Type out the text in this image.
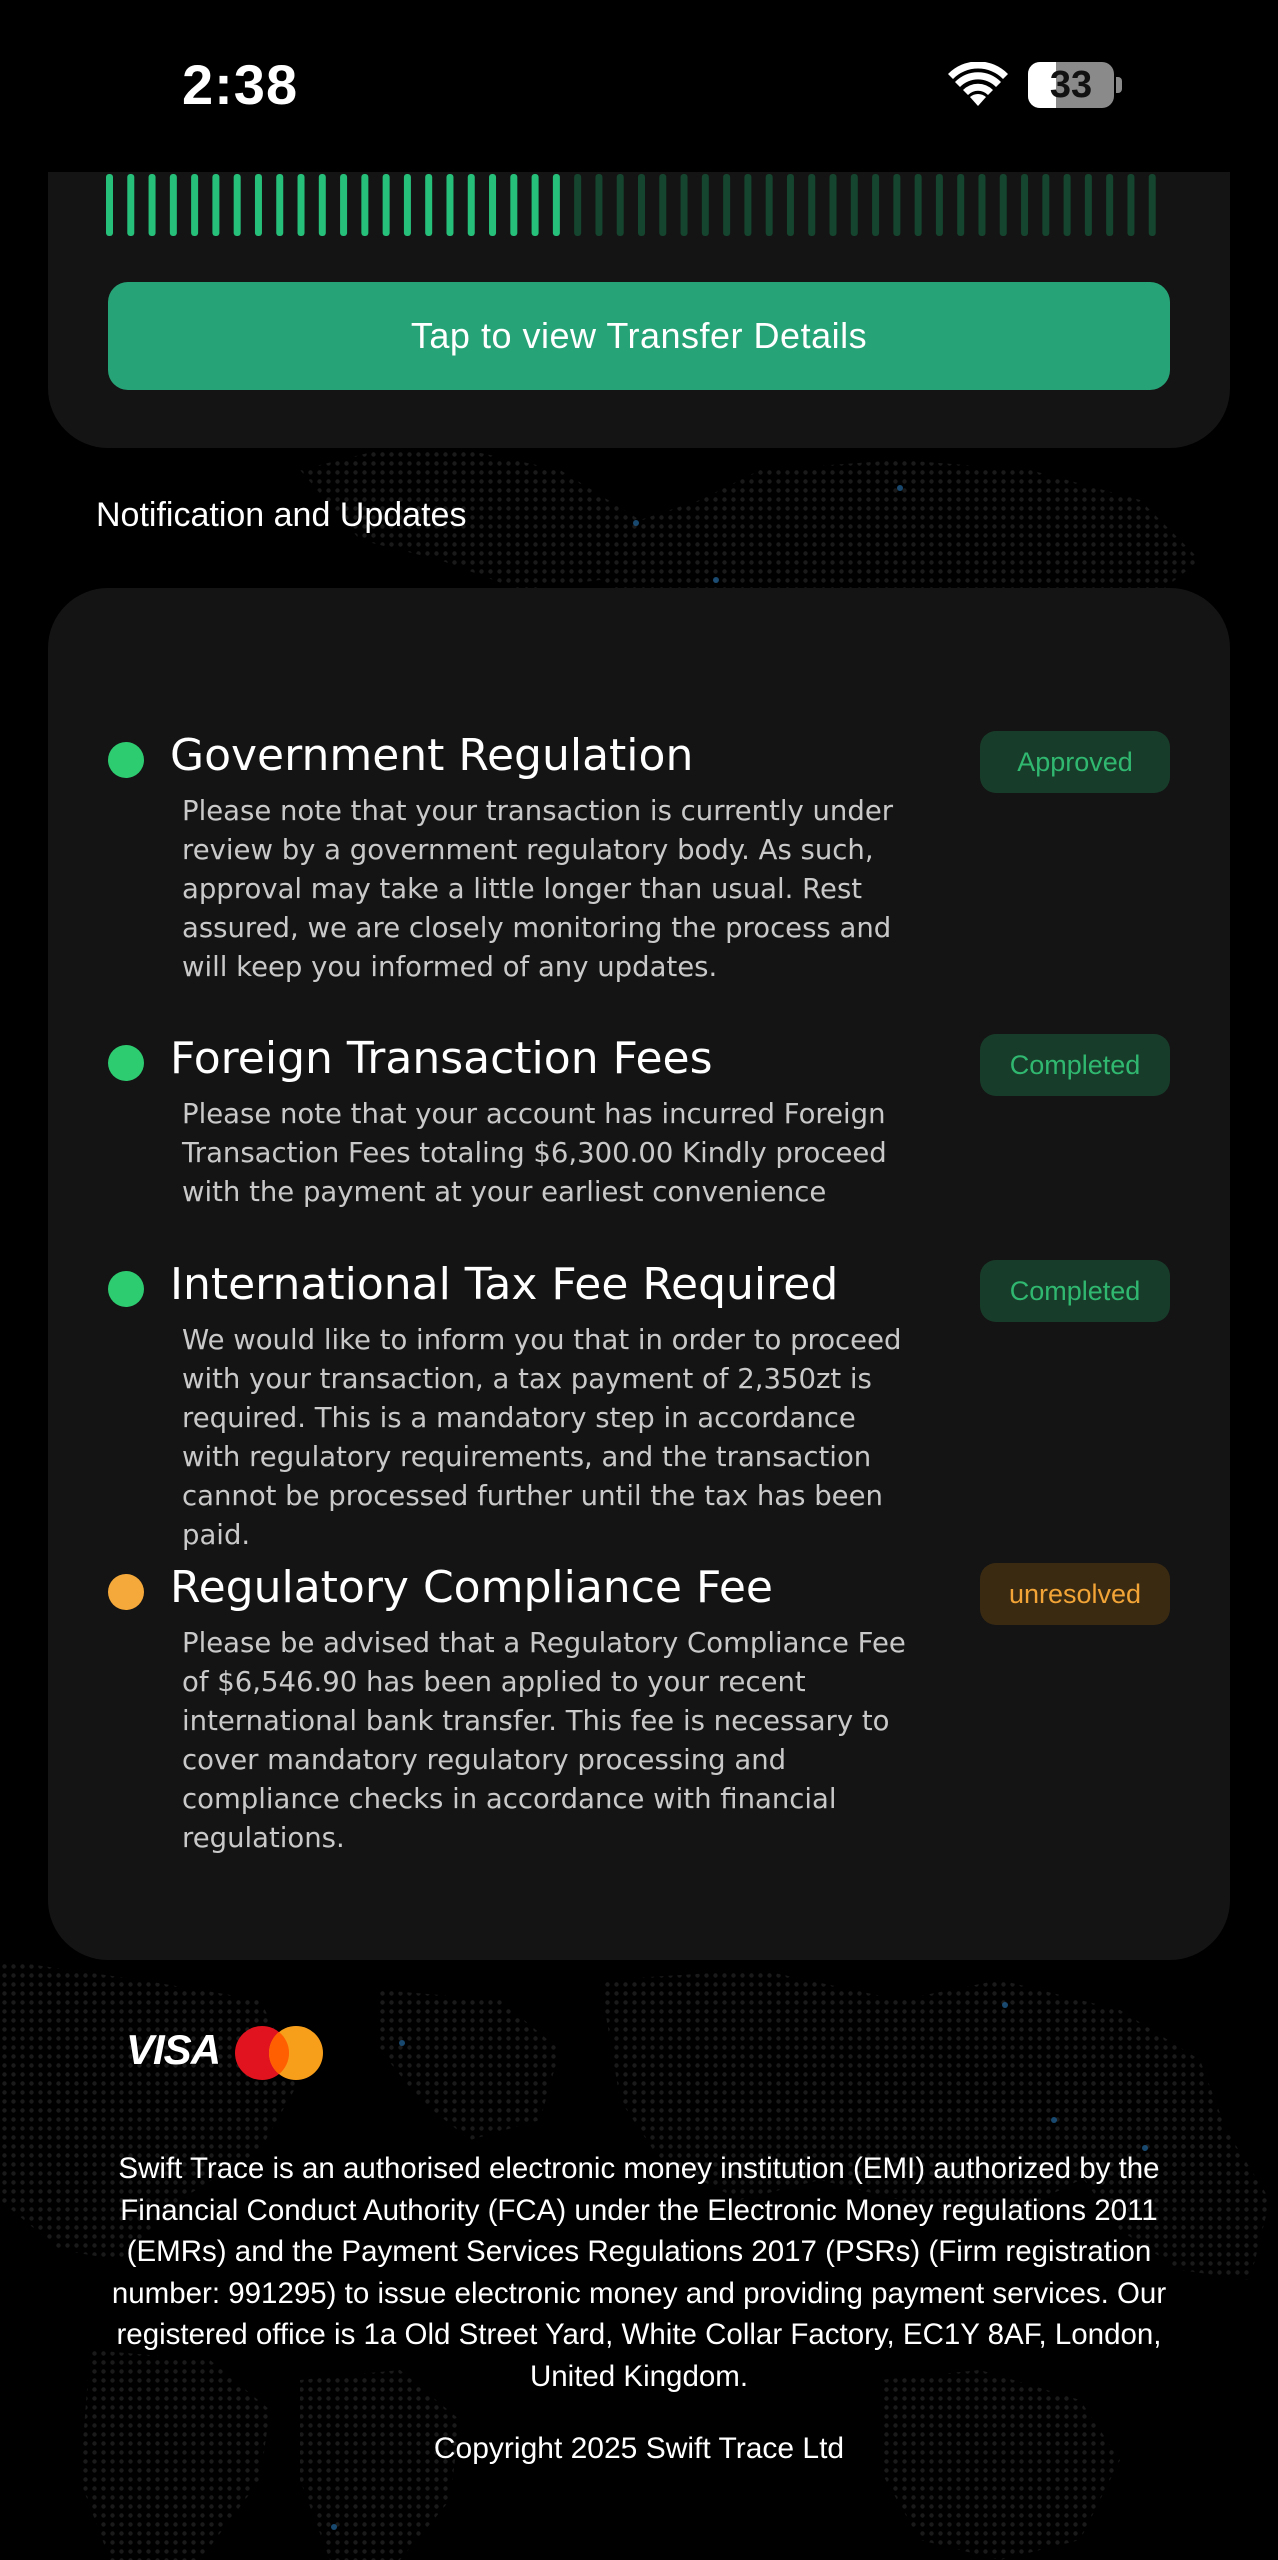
2:38	33
Tap to view Transfer Details
Notification and Updates
Government Regulation	Approved
Please note that your transaction is currently under review by a government regulatory body. As such, approval may take a little longer than usual. Rest assured, we are closely monitoring the process and will keep you informed of any updates.
Foreign Transaction Fees	Completed
Please note that your account has incurred Foreign Transaction Fees totaling $6,300.00 Kindly proceed with the payment at your earliest convenience
International Tax Fee Required	Completed
We would like to inform you that in order to proceed with your transaction, a tax payment of 2,350zt is required. This is a mandatory step in accordance with regulatory requirements, and the transaction cannot be processed further until the tax has been paid.
Regulatory Compliance Fee	unresolved
Please be advised that a Regulatory Compliance Fee of $6,546.90 has been applied to your recent international bank transfer. This fee is necessary to cover mandatory regulatory processing and compliance checks in accordance with financial regulations.
VISA
Swift Trace is an authorised electronic money institution (EMI) authorized by the Financial Conduct Authority (FCA) under the Electronic Money regulations 2011 (EMRs) and the Payment Services Regulations 2017 (PSRs) (Firm registration number: 991295) to issue electronic money and providing payment services. Our registered office is 1a Old Street Yard, White Collar Factory, EC1Y 8AF, London, United Kingdom.
Copyright 2025 Swift Trace Ltd
